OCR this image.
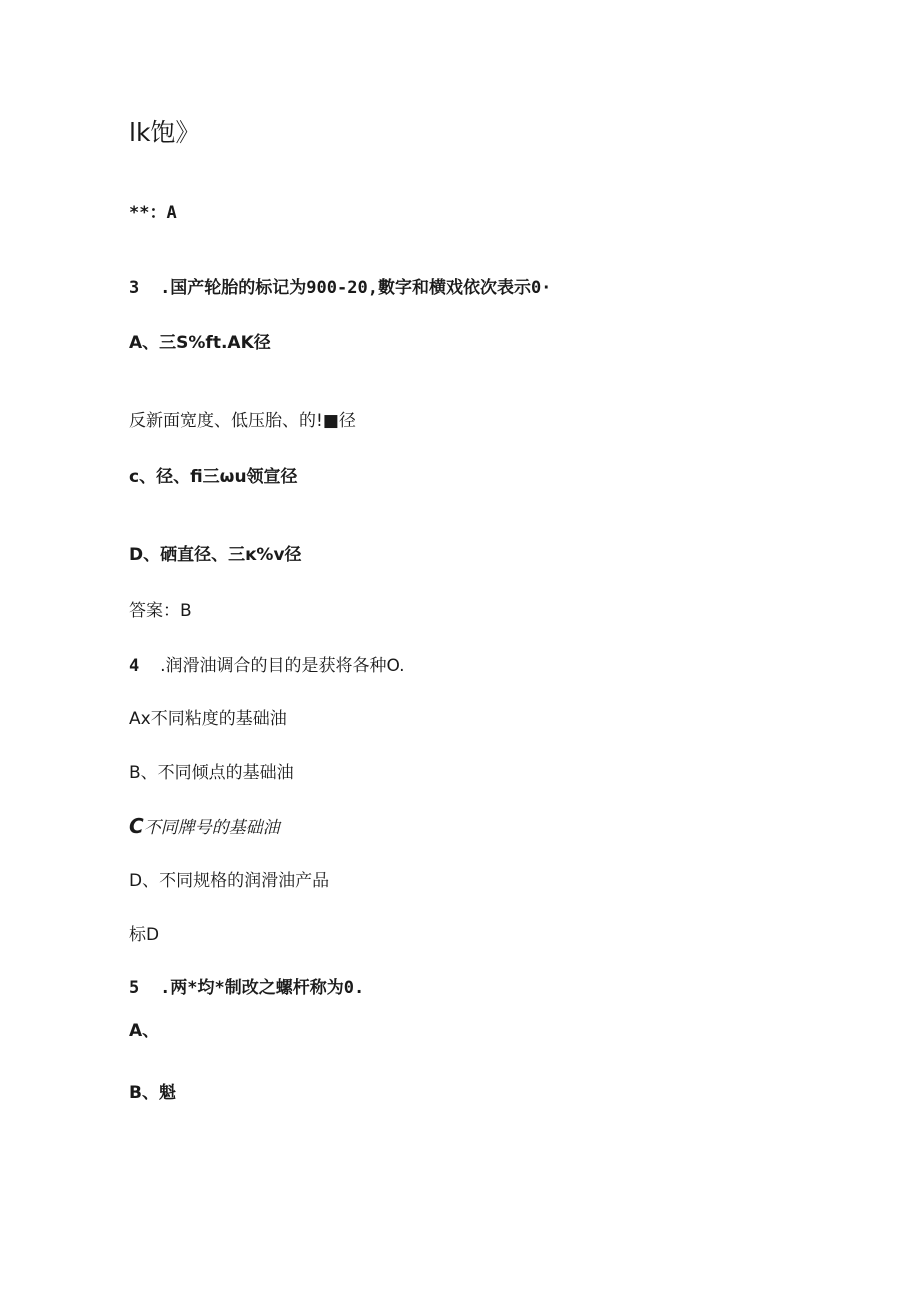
lk饱》
**：A
3 .国产轮胎的标记为900-20,數字和横戏依次表示0·
A、三S%ft.AK径
反新面宽度、低压胎、的!■径
c、径、fi三ωu领宣径
D、硒直径、三ĸ%v径
答案：B
4 .润滑油调合的目的是获将各种O.
Ax不同粘度的基础油
B、不同倾点的基础油
C不同牌号的基础油
D、不同规格的润滑油产品
标D
5 .两*均*制改之螺杆称为0.
A、
B、魁
